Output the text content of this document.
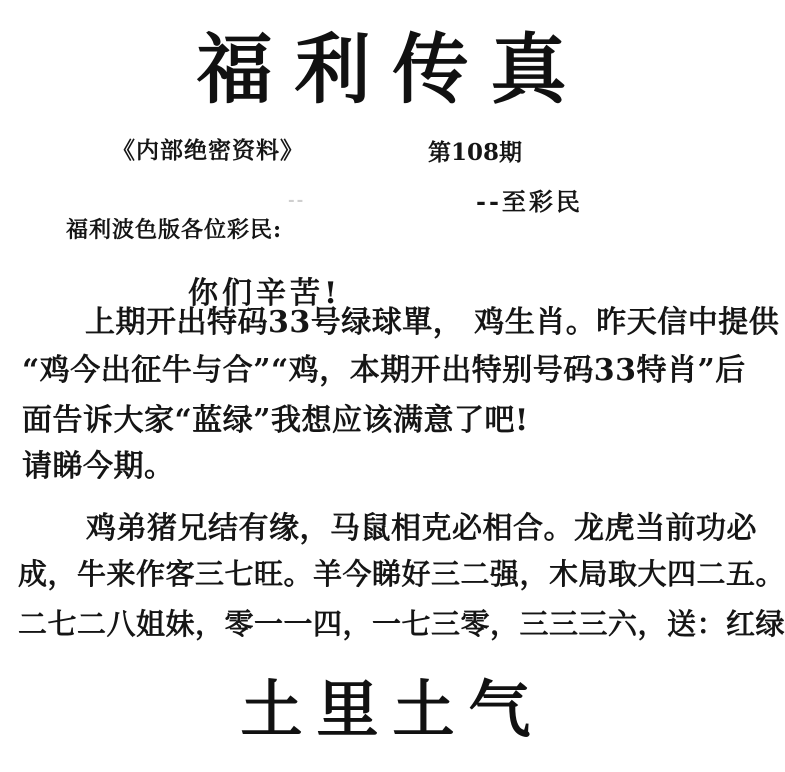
福利传真
《内部绝密资料》	第108期
--	--至彩民
福利波色版各位彩民:
你们辛苦!
上期开出特码33号绿球單， 鸡生肖。昨天信中提供
“鸡今出征牛与合”“鸡，本期开出特别号码33特肖”后
面告诉大家“蓝绿”我想应该满意了吧!
请睇今期。
鸡弟猪兄结有缘，马鼠相克必相合。龙虎当前功必
成，牛来作客三七旺。羊今睇好三二强，木局取大四二五。
二七二八姐妹，零一一四，一七三零，三三三六，送：红绿
土里土气
